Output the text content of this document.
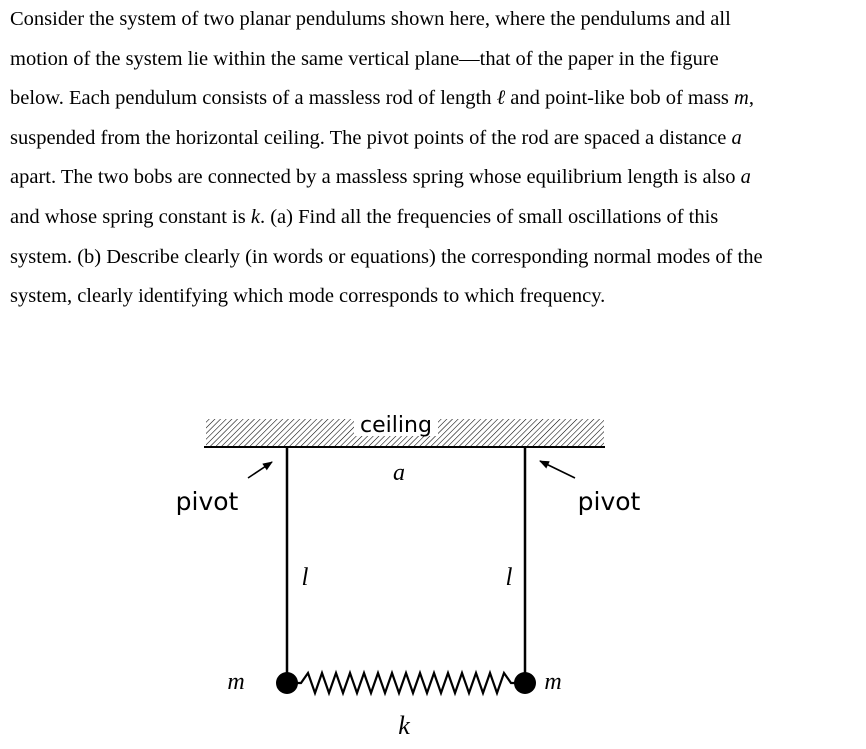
Consider the system of two planar pendulums shown here, where the pendulums and all
motion of the system lie within the same vertical plane—that of the paper in the figure
below. Each pendulum consists of a massless rod of length ℓ and point-like bob of mass m,
suspended from the horizontal ceiling. The pivot points of the rod are spaced a distance a
apart. The two bobs are connected by a massless spring whose equilibrium length is also a
and whose spring constant is k. (a) Find all the frequencies of small oscillations of this
system. (b) Describe clearly (in words or equations) the corresponding normal modes of the
system, clearly identifying which mode corresponds to which frequency.
ceiling
a
pivot	pivot
l	l
m	m
k
